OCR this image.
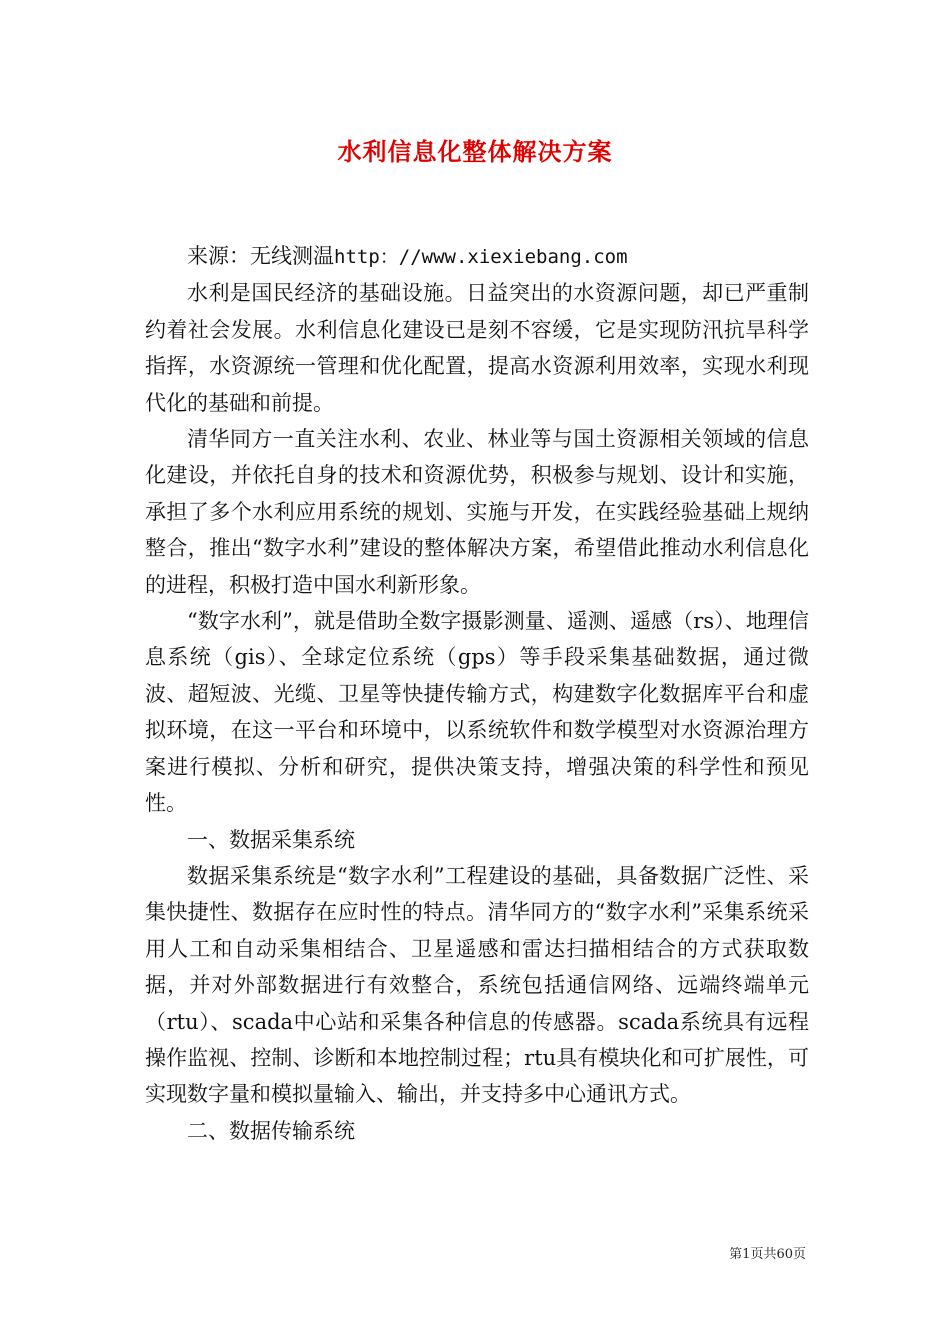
水利信息化整体解决方案

来源：无线测温http：//www.xiexiebang.com

水利是国民经济的基础设施。日益突出的水资源问题，却已严重制约着社会发展。水利信息化建设已是刻不容缓，它是实现防汛抗旱科学指挥，水资源统一管理和优化配置，提高水资源利用效率，实现水利现代化的基础和前提。

清华同方一直关注水利、农业、林业等与国土资源相关领域的信息化建设，并依托自身的技术和资源优势，积极参与规划、设计和实施，承担了多个水利应用系统的规划、实施与开发，在实践经验基础上规纳整合，推出“数字水利”建设的整体解决方案，希望借此推动水利信息化的进程，积极打造中国水利新形象。

“数字水利”，就是借助全数字摄影测量、遥测、遥感（rs）、地理信息系统（gis）、全球定位系统（gps）等手段采集基础数据，通过微波、超短波、光缆、卫星等快捷传输方式，构建数字化数据库平台和虚拟环境，在这一平台和环境中，以系统软件和数学模型对水资源治理方案进行模拟、分析和研究，提供决策支持，增强决策的科学性和预见性。

一、数据采集系统

数据采集系统是“数字水利”工程建设的基础，具备数据广泛性、采集快捷性、数据存在应时性的特点。清华同方的“数字水利”采集系统采用人工和自动采集相结合、卫星遥感和雷达扫描相结合的方式获取数据，并对外部数据进行有效整合，系统包括通信网络、远端终端单元（rtu）、scada中心站和采集各种信息的传感器。scada系统具有远程操作监视、控制、诊断和本地控制过程；rtu具有模块化和可扩展性，可实现数字量和模拟量输入、输出，并支持多中心通讯方式。

二、数据传输系统

第1页共60页
